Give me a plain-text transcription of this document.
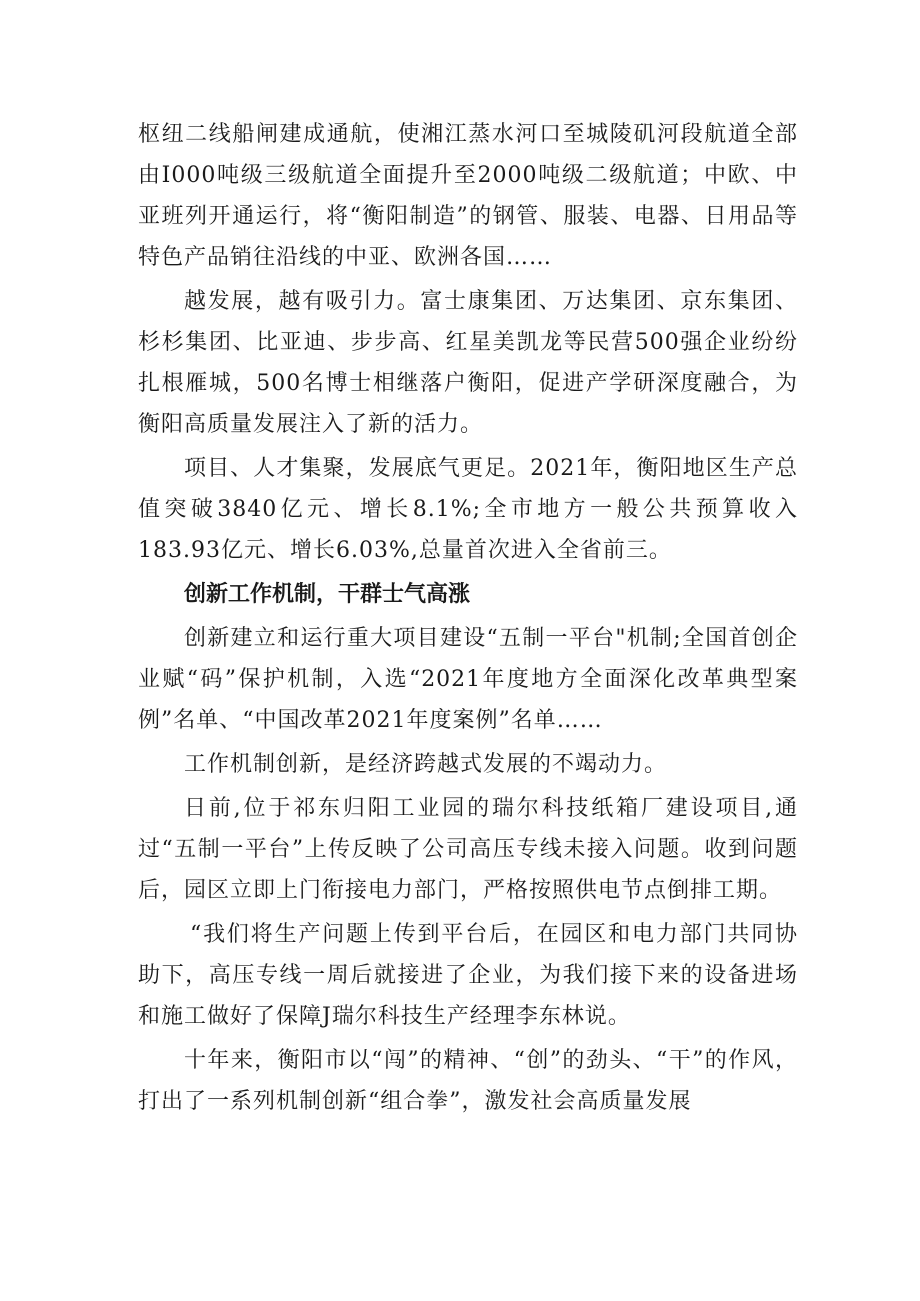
枢纽二线船闸建成通航，使湘江蒸水河口至城陵矶河段航道全部由I000吨级三级航道全面提升至2000吨级二级航道；中欧、中亚班列开通运行，将“衡阳制造”的钢管、服装、电器、日用品等特色产品销往沿线的中亚、欧洲各国……

越发展，越有吸引力。富士康集团、万达集团、京东集团、杉杉集团、比亚迪、步步高、红星美凯龙等民营500强企业纷纷扎根雁城，500名博士相继落户衡阳，促进产学研深度融合，为衡阳高质量发展注入了新的活力。

项目、人才集聚，发展底气更足。2021年，衡阳地区生产总值突破3840亿元、增长8.1%;全市地方一般公共预算收入183.93亿元、增长6.03%,总量首次进入全省前三。

创新工作机制，干群士气高涨

创新建立和运行重大项目建设“五制一平台"机制;全国首创企业赋“码”保护机制，入选“2021年度地方全面深化改革典型案例”名单、“中国改革2021年度案例”名单……

工作机制创新，是经济跨越式发展的不竭动力。

日前,位于祁东归阳工业园的瑞尔科技纸箱厂建设项目,通过“五制一平台”上传反映了公司高压专线未接入问题。收到问题后，园区立即上门衔接电力部门，严格按照供电节点倒排工期。

“我们将生产问题上传到平台后，在园区和电力部门共同协助下，高压专线一周后就接进了企业，为我们接下来的设备进场和施工做好了保障J瑞尔科技生产经理李东林说。

十年来，衡阳市以“闯”的精神、“创”的劲头、“干”的作风，打出了一系列机制创新“组合拳”，激发社会高质量发展
